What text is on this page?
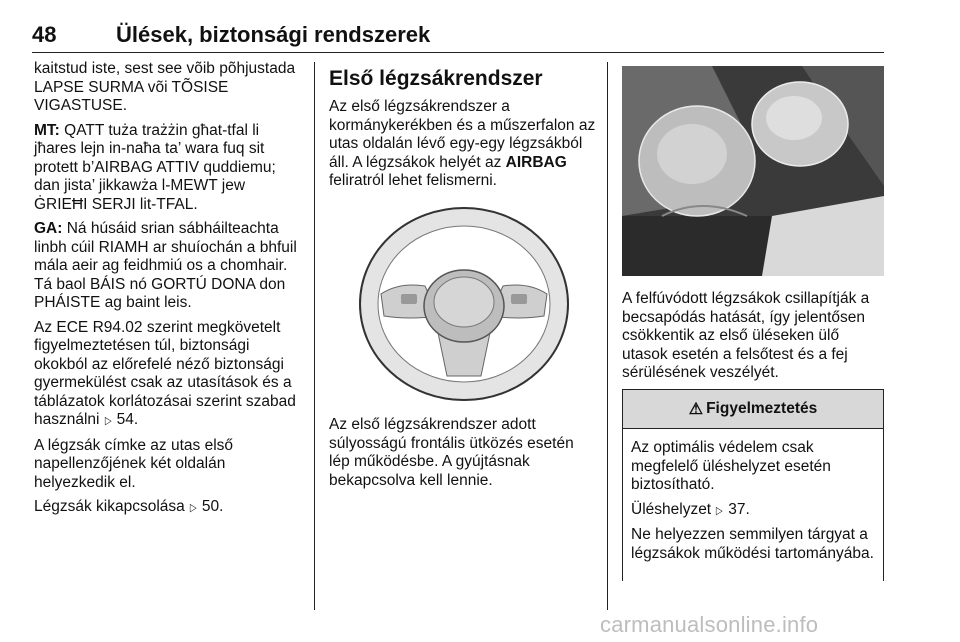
48	Ülések, biztonsági rendszerek

kaitstud iste, sest see võib põhjustada LAPSE SURMA või TÕSISE VIGASTUSE.

MT: QATT tuża trażżin għat-tfal li jħares lejn in-naħa ta’ wara fuq sit protett b’AIRBAG ATTIV quddiemu; dan jista’ jikkawża l-MEWT jew ĠRIEĦI SERJI lit-TFAL.

GA: Ná húsáid srian sábháilteachta linbh cúil RIAMH ar shuíochán a bhfuil mála aeir ag feidhmiú os a chomhair. Tá baol BÁIS nó GORTÚ DONA don PHÁISTE ag baint leis.

Az ECE R94.02 szerint megkövetelt figyelmeztetésen túl, biztonsági okokból az előrefelé néző biztonsági gyermekülést csak az utasítások és a táblázatok korlátozásai szerint szabad használni ▷ 54.

A légzsák címke az utas első napellenzőjének két oldalán helyezkedik el.

Légzsák kikapcsolása ▷ 50.

Első légzsákrendszer

Az első légzsákrendszer a kormánykerékben és a műszerfalon az utas oldalán lévő egy-egy légzsákból áll. A légzsákok helyét az AIRBAG feliratról lehet felismerni.

Az első légzsákrendszer adott súlyosságú frontális ütközés esetén lép működésbe. A gyújtásnak bekapcsolva kell lennie.

A felfúvódott légzsákok csillapítják a becsapódás hatását, így jelentősen csökkentik az első üléseken ülő utasok esetén a felsőtest és a fej sérülésének veszélyét.

⚠ Figyelmeztetés

Az optimális védelem csak megfelelő üléshelyzet esetén biztosítható.

Üléshelyzet ▷ 37.

Ne helyezzen semmilyen tárgyat a légzsákok működési tartományába.

carmanualsonline.info
